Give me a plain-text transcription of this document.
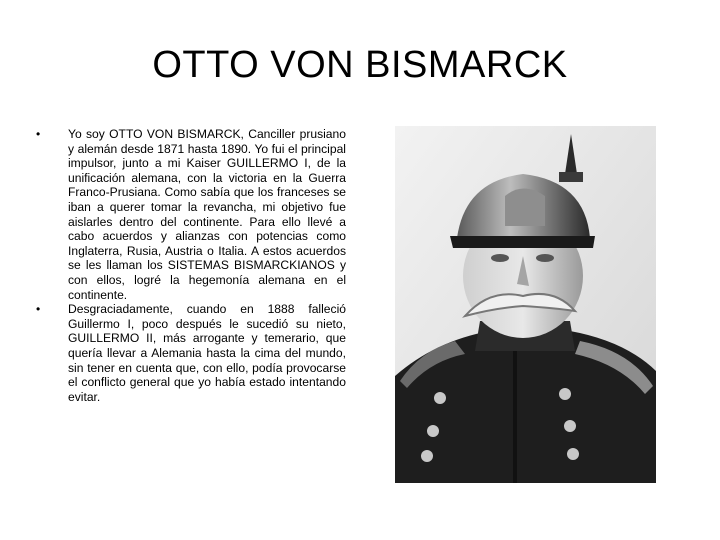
OTTO VON BISMARCK
• Yo soy OTTO VON BISMARCK, Canciller prusiano y alemán desde 1871 hasta 1890. Yo fui el principal impulsor, junto a mi Kaiser GUILLERMO I, de la unificación alemana, con la victoria en la Guerra Franco-Prusiana. Como sabía que los franceses se iban a querer tomar la revancha, mi objetivo fue aislarles dentro del continente. Para ello llevé a cabo acuerdos y alianzas con potencias como Inglaterra, Rusia, Austria o Italia. A estos acuerdos se les llaman los SISTEMAS BISMARCKIANOS y con ellos, logré la hegemonía alemana en el continente.
• Desgraciadamente, cuando en 1888 falleció Guillermo I, poco después le sucedió su nieto, GUILLERMO II, más arrogante y temerario, que quería llevar a Alemania hasta la cima del mundo, sin tener en cuenta que, con ello, podía provocarse el conflicto general que yo había estado intentando evitar.
